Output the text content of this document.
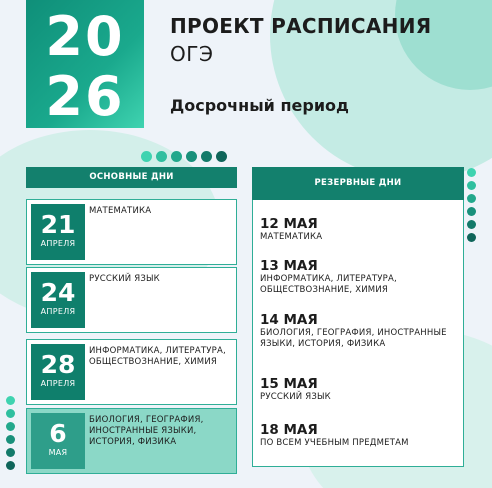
20
26
ПРОЕКТ РАСПИСАНИЯ
ОГЭ
Досрочный период
ОСНОВНЫЕ ДНИ
21
АПРЕЛЯ
МАТЕМАТИКА
24
АПРЕЛЯ
РУССКИЙ ЯЗЫК
28
АПРЕЛЯ
ИНФОРМАТИКА, ЛИТЕРАТУРА, ОБЩЕСТВОЗНАНИЕ, ХИМИЯ
6
МАЯ
БИОЛОГИЯ, ГЕОГРАФИЯ, ИНОСТРАННЫЕ ЯЗЫКИ, ИСТОРИЯ, ФИЗИКА
РЕЗЕРВНЫЕ ДНИ
12 МАЯ
МАТЕМАТИКА
13 МАЯ
ИНФОРМАТИКА, ЛИТЕРАТУРА, ОБЩЕСТВОЗНАНИЕ, ХИМИЯ
14 МАЯ
БИОЛОГИЯ, ГЕОГРАФИЯ, ИНОСТРАННЫЕ ЯЗЫКИ, ИСТОРИЯ, ФИЗИКА
15 МАЯ
РУССКИЙ ЯЗЫК
18 МАЯ
ПО ВСЕМ УЧЕБНЫМ ПРЕДМЕТАМ
